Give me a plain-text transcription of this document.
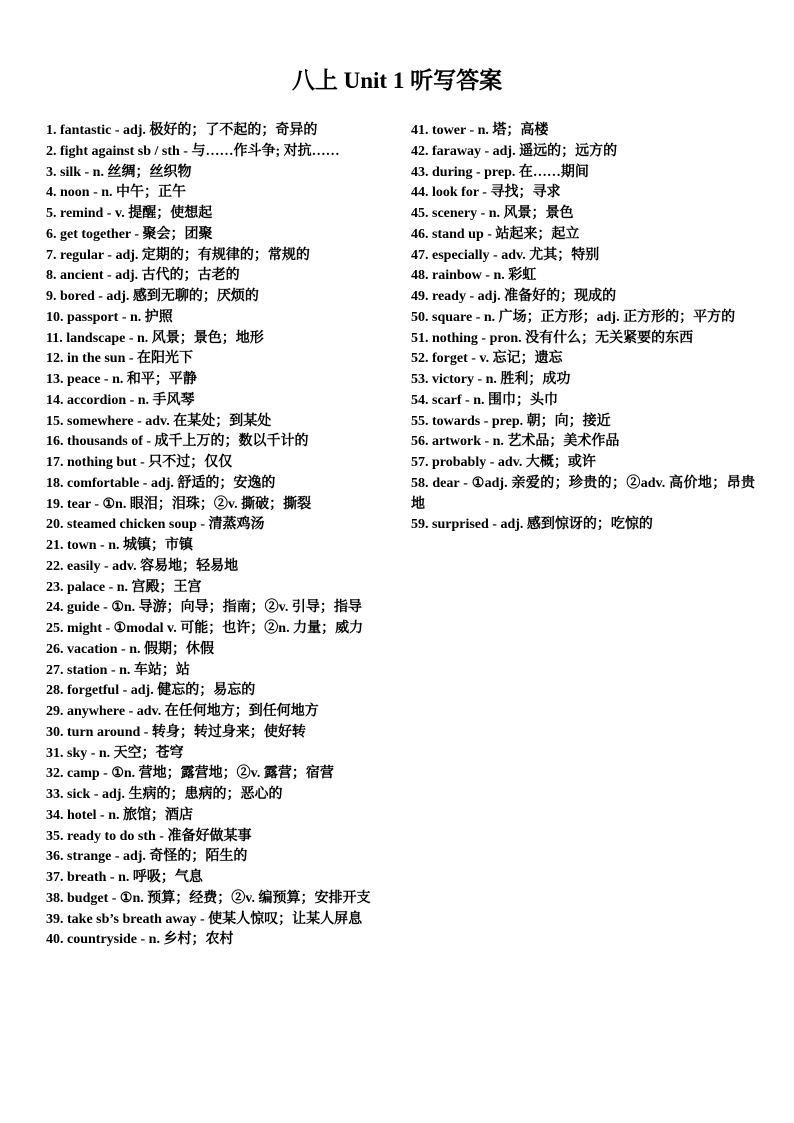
八上 Unit 1 听写答案
1. fantastic - adj. 极好的；了不起的；奇异的
2. fight against sb / sth - 与……作斗争; 对抗……
3. silk - n. 丝绸；丝织物
4. noon - n. 中午；正午
5. remind - v. 提醒；使想起
6. get together - 聚会；团聚
7. regular - adj. 定期的；有规律的；常规的
8. ancient - adj. 古代的；古老的
9. bored - adj. 感到无聊的；厌烦的
10. passport - n. 护照
11. landscape - n. 风景；景色；地形
12. in the sun - 在阳光下
13. peace - n. 和平；平静
14. accordion - n. 手风琴
15. somewhere - adv. 在某处；到某处
16. thousands of - 成千上万的；数以千计的
17. nothing but - 只不过；仅仅
18. comfortable - adj. 舒适的；安逸的
19. tear - ①n. 眼泪；泪珠；②v. 撕破；撕裂
20. steamed chicken soup - 清蒸鸡汤
21. town - n. 城镇；市镇
22. easily - adv. 容易地；轻易地
23. palace - n. 宫殿；王宫
24. guide - ①n. 导游；向导；指南；②v. 引导；指导
25. might - ①modal v. 可能；也许；②n. 力量；威力
26. vacation - n. 假期；休假
27. station - n. 车站；站
28. forgetful - adj. 健忘的；易忘的
29. anywhere - adv. 在任何地方；到任何地方
30. turn around - 转身；转过身来；使好转
31. sky - n. 天空；苍穹
32. camp - ①n. 营地；露营地；②v. 露营；宿营
33. sick - adj. 生病的；患病的；恶心的
34. hotel - n. 旅馆；酒店
35. ready to do sth - 准备好做某事
36. strange - adj. 奇怪的；陌生的
37. breath - n. 呼吸；气息
38. budget - ①n. 预算；经费；②v. 编预算；安排开支
39. take sb’s breath away - 使某人惊叹；让某人屏息
40. countryside - n. 乡村；农村
41. tower - n. 塔；高楼
42. faraway - adj. 遥远的；远方的
43. during - prep. 在……期间
44. look for - 寻找；寻求
45. scenery - n. 风景；景色
46. stand up - 站起来；起立
47. especially - adv. 尤其；特别
48. rainbow - n. 彩虹
49. ready - adj. 准备好的；现成的
50. square - n. 广场；正方形；adj. 正方形的；平方的
51. nothing - pron. 没有什么；无关紧要的东西
52. forget - v. 忘记；遗忘
53. victory - n. 胜利；成功
54. scarf - n. 围巾；头巾
55. towards - prep. 朝；向；接近
56. artwork - n. 艺术品；美术作品
57. probably - adv. 大概；或许
58. dear - ①adj. 亲爱的；珍贵的；②adv. 高价地；昂贵地
59. surprised - adj. 感到惊讶的；吃惊的
